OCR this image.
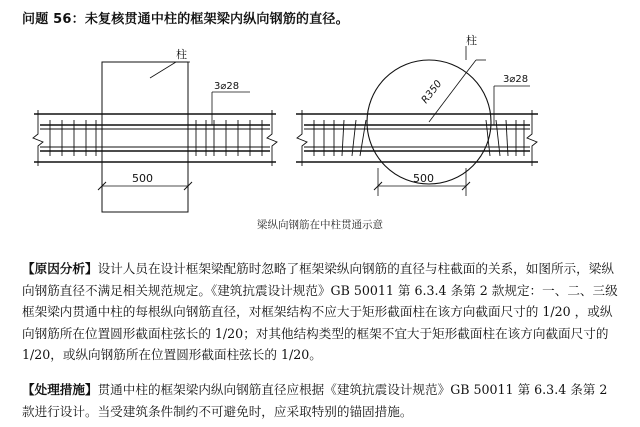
问题 56：未复核贯通中柱的框架梁内纵向钢筋的直径。
柱
3⌀28
500
柱
3⌀28
R350
500
梁纵向钢筋在中柱贯通示意
【原因分析】设计人员在设计框架梁配筋时忽略了框架梁纵向钢筋的直径与柱截面的关系，如图所示，梁纵向钢筋直径不满足相关规范规定。《建筑抗震设计规范》GB 50011 第 6.3.4 条第 2 款规定：一、二、三级框架梁内贯通中柱的每根纵向钢筋直径，对框架结构不应大于矩形截面柱在该方向截面尺寸的 1/20 ，或纵向钢筋所在位置圆形截面柱弦长的 1/20；对其他结构类型的框架不宜大于矩形截面柱在该方向截面尺寸的 1/20，或纵向钢筋所在位置圆形截面柱弦长的 1/20。
【处理措施】贯通中柱的框架梁内纵向钢筋直径应根据《建筑抗震设计规范》GB 50011 第 6.3.4 条第 2 款进行设计。当受建筑条件制约不可避免时，应采取特别的锚固措施。
